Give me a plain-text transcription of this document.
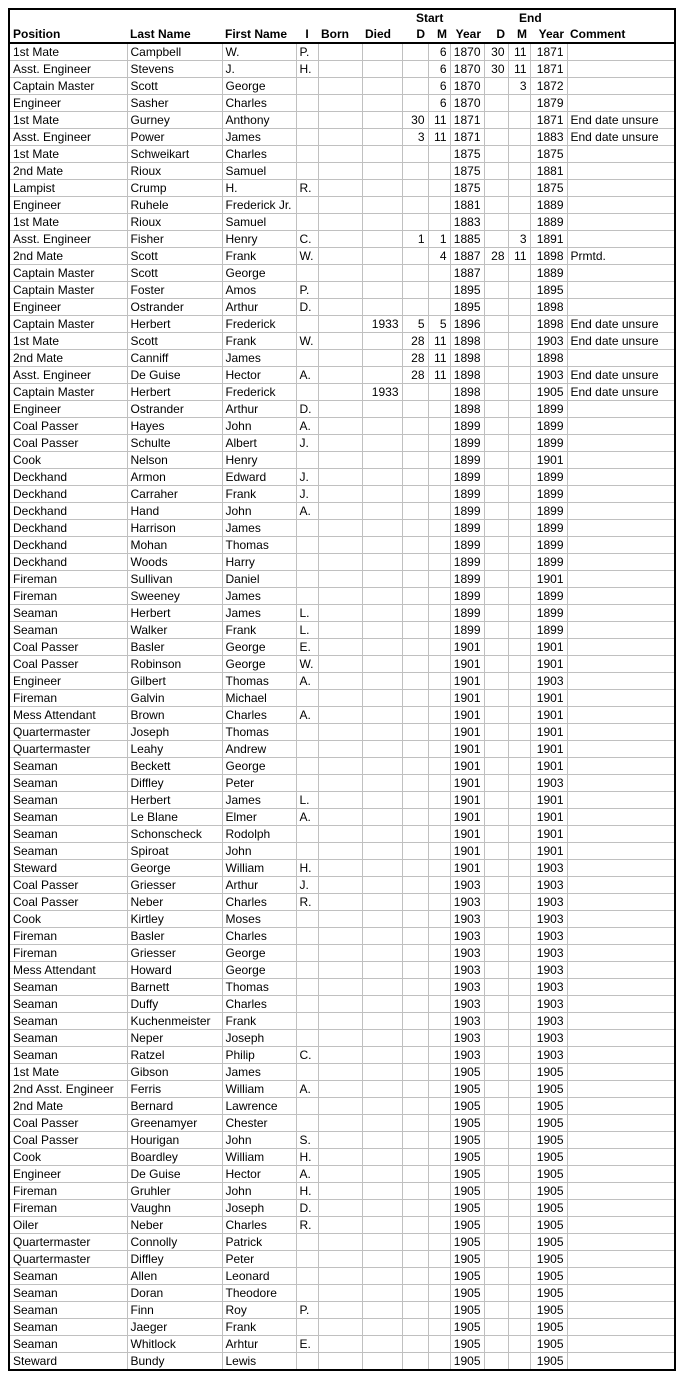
						Start				End		
Position	Last Name	First Name	I	Born	Died	D	M	Year	D	M	Year	Comment
1st Mate	Campbell	W.	P.				6	1870	30	11	1871	
Asst. Engineer	Stevens	J.	H.				6	1870	30	11	1871	
Captain Master	Scott	George					6	1870		3	1872	
Engineer	Sasher	Charles					6	1870			1879	
1st Mate	Gurney	Anthony				30	11	1871			1871	End date unsure
Asst. Engineer	Power	James				3	11	1871			1883	End date unsure
1st Mate	Schweikart	Charles						1875			1875	
2nd Mate	Rioux	Samuel						1875			1881	
Lampist	Crump	H.	R.					1875			1875	
Engineer	Ruhele	Frederick Jr.						1881			1889	
1st Mate	Rioux	Samuel						1883			1889	
Asst. Engineer	Fisher	Henry	C.			1	1	1885		3	1891	
2nd Mate	Scott	Frank	W.				4	1887	28	11	1898	Prmtd.
Captain Master	Scott	George						1887			1889	
Captain Master	Foster	Amos	P.					1895			1895	
Engineer	Ostrander	Arthur	D.					1895			1898	
Captain Master	Herbert	Frederick			1933	5	5	1896			1898	End date unsure
1st Mate	Scott	Frank	W.			28	11	1898			1903	End date unsure
2nd Mate	Canniff	James				28	11	1898			1898	
Asst. Engineer	De Guise	Hector	A.			28	11	1898			1903	End date unsure
Captain Master	Herbert	Frederick			1933			1898			1905	End date unsure
Engineer	Ostrander	Arthur	D.					1898			1899	
Coal Passer	Hayes	John	A.					1899			1899	
Coal Passer	Schulte	Albert	J.					1899			1899	
Cook	Nelson	Henry						1899			1901	
Deckhand	Armon	Edward	J.					1899			1899	
Deckhand	Carraher	Frank	J.					1899			1899	
Deckhand	Hand	John	A.					1899			1899	
Deckhand	Harrison	James						1899			1899	
Deckhand	Mohan	Thomas						1899			1899	
Deckhand	Woods	Harry						1899			1899	
Fireman	Sullivan	Daniel						1899			1901	
Fireman	Sweeney	James						1899			1899	
Seaman	Herbert	James	L.					1899			1899	
Seaman	Walker	Frank	L.					1899			1899	
Coal Passer	Basler	George	E.					1901			1901	
Coal Passer	Robinson	George	W.					1901			1901	
Engineer	Gilbert	Thomas	A.					1901			1903	
Fireman	Galvin	Michael						1901			1901	
Mess Attendant	Brown	Charles	A.					1901			1901	
Quartermaster	Joseph	Thomas						1901			1901	
Quartermaster	Leahy	Andrew						1901			1901	
Seaman	Beckett	George						1901			1901	
Seaman	Diffley	Peter						1901			1903	
Seaman	Herbert	James	L.					1901			1901	
Seaman	Le Blane	Elmer	A.					1901			1901	
Seaman	Schonscheck	Rodolph						1901			1901	
Seaman	Spiroat	John						1901			1901	
Steward	George	William	H.					1901			1903	
Coal Passer	Griesser	Arthur	J.					1903			1903	
Coal Passer	Neber	Charles	R.					1903			1903	
Cook	Kirtley	Moses						1903			1903	
Fireman	Basler	Charles						1903			1903	
Fireman	Griesser	George						1903			1903	
Mess Attendant	Howard	George						1903			1903	
Seaman	Barnett	Thomas						1903			1903	
Seaman	Duffy	Charles						1903			1903	
Seaman	Kuchenmeister	Frank						1903			1903	
Seaman	Neper	Joseph						1903			1903	
Seaman	Ratzel	Philip	C.					1903			1903	
1st Mate	Gibson	James						1905			1905	
2nd Asst. Engineer	Ferris	William	A.					1905			1905	
2nd Mate	Bernard	Lawrence						1905			1905	
Coal Passer	Greenamyer	Chester						1905			1905	
Coal Passer	Hourigan	John	S.					1905			1905	
Cook	Boardley	William	H.					1905			1905	
Engineer	De Guise	Hector	A.					1905			1905	
Fireman	Gruhler	John	H.					1905			1905	
Fireman	Vaughn	Joseph	D.					1905			1905	
Oiler	Neber	Charles	R.					1905			1905	
Quartermaster	Connolly	Patrick						1905			1905	
Quartermaster	Diffley	Peter						1905			1905	
Seaman	Allen	Leonard						1905			1905	
Seaman	Doran	Theodore						1905			1905	
Seaman	Finn	Roy	P.					1905			1905	
Seaman	Jaeger	Frank						1905			1905	
Seaman	Whitlock	Arhtur	E.					1905			1905	
Steward	Bundy	Lewis						1905			1905	
